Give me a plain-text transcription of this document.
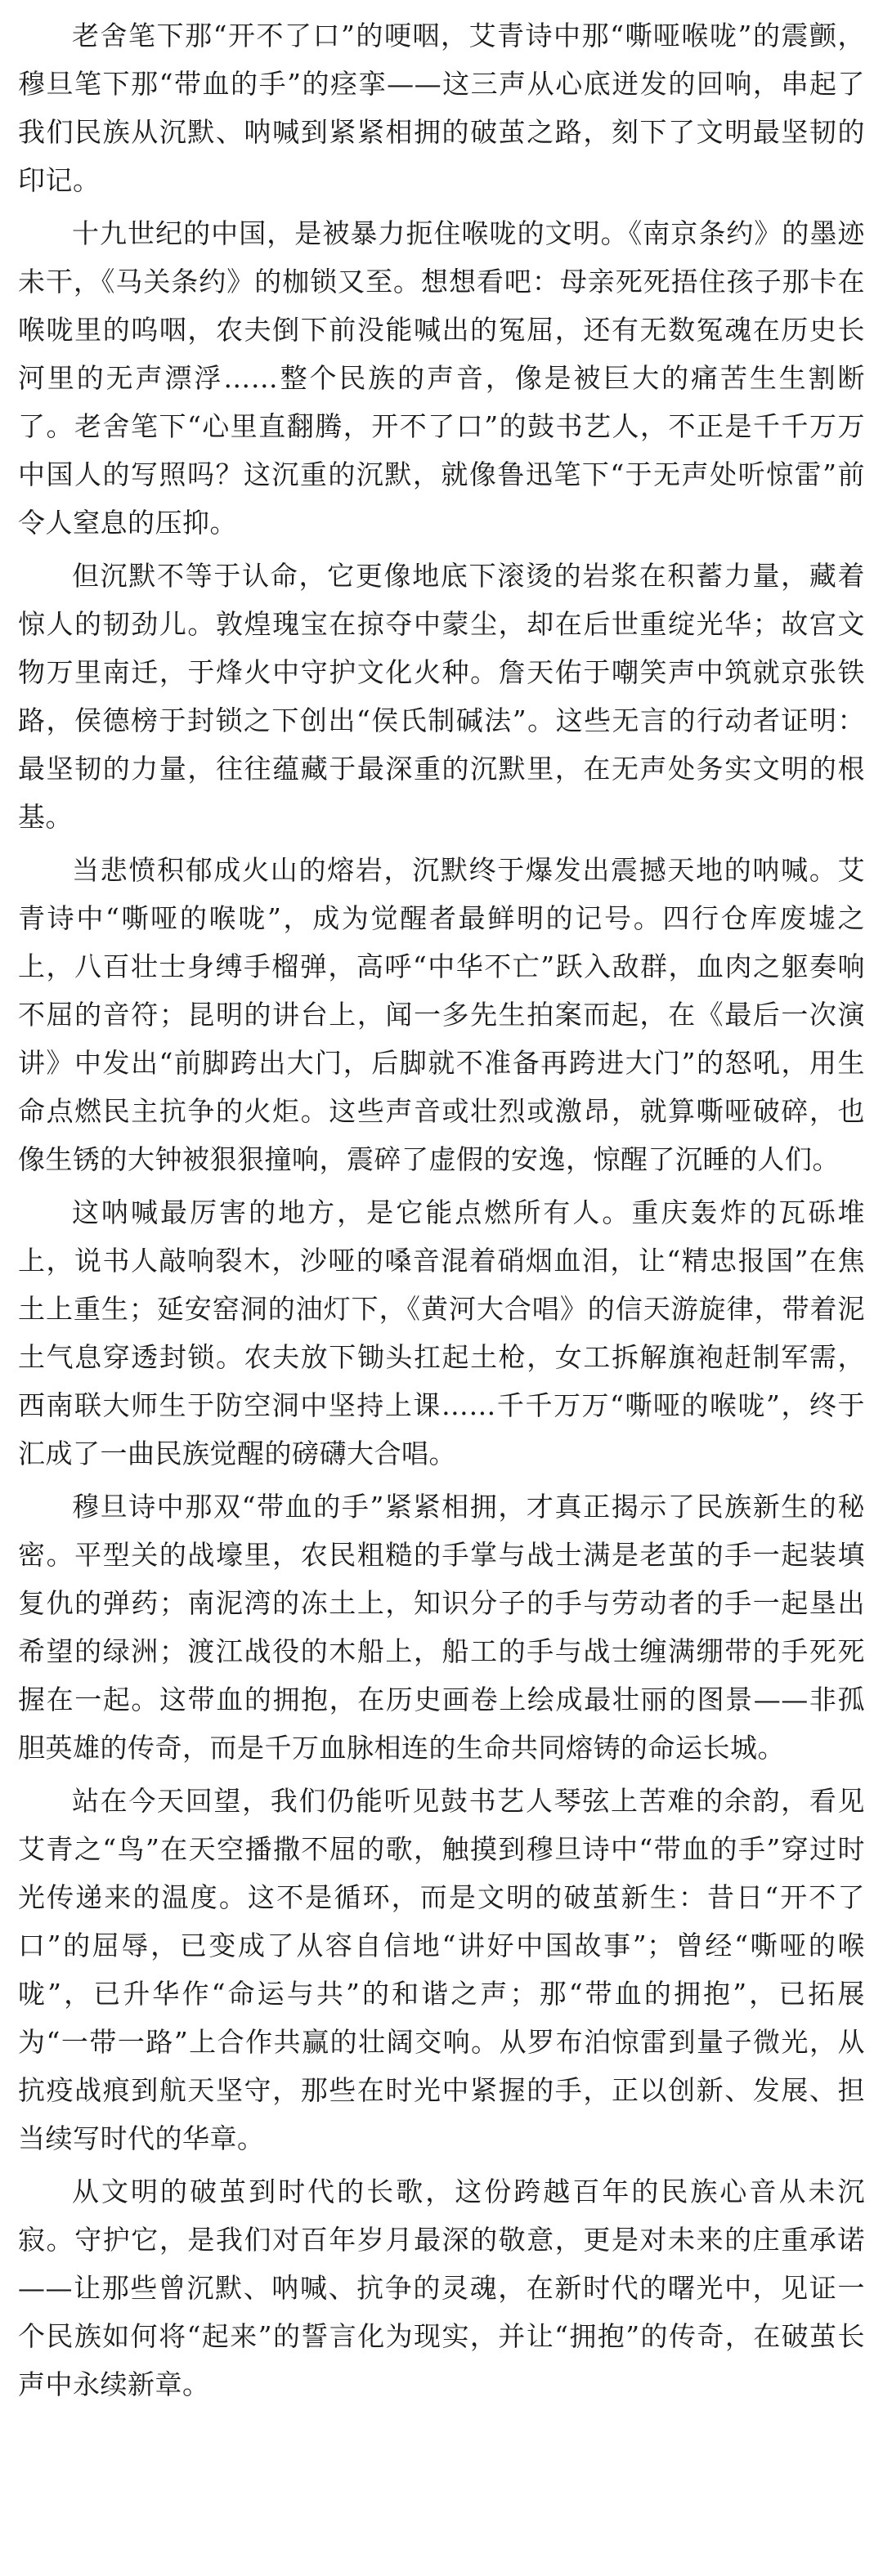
老舍笔下那“开不了口”的哽咽，艾青诗中那“嘶哑喉咙”的震颤，穆旦笔下那“带血的手”的痉挛——这三声从心底迸发的回响，串起了我们民族从沉默、呐喊到紧紧相拥的破茧之路，刻下了文明最坚韧的印记。

十九世纪的中国，是被暴力扼住喉咙的文明。《南京条约》的墨迹未干，《马关条约》的枷锁又至。想想看吧：母亲死死捂住孩子那卡在喉咙里的呜咽，农夫倒下前没能喊出的冤屈，还有无数冤魂在历史长河里的无声漂浮……整个民族的声音，像是被巨大的痛苦生生割断了。老舍笔下“心里直翻腾，开不了口”的鼓书艺人，不正是千千万万中国人的写照吗？这沉重的沉默，就像鲁迅笔下“于无声处听惊雷”前令人窒息的压抑。

但沉默不等于认命，它更像地底下滚烫的岩浆在积蓄力量，藏着惊人的韧劲儿。敦煌瑰宝在掠夺中蒙尘，却在后世重绽光华；故宫文物万里南迁，于烽火中守护文化火种。詹天佑于嘲笑声中筑就京张铁路，侯德榜于封锁之下创出“侯氏制碱法”。这些无言的行动者证明：最坚韧的力量，往往蕴藏于最深重的沉默里，在无声处务实文明的根基。

当悲愤积郁成火山的熔岩，沉默终于爆发出震撼天地的呐喊。艾青诗中“嘶哑的喉咙”，成为觉醒者最鲜明的记号。四行仓库废墟之上，八百壮士身缚手榴弹，高呼“中华不亡”跃入敌群，血肉之躯奏响不屈的音符；昆明的讲台上，闻一多先生拍案而起，在《最后一次演讲》中发出“前脚跨出大门，后脚就不准备再跨进大门”的怒吼，用生命点燃民主抗争的火炬。这些声音或壮烈或激昂，就算嘶哑破碎，也像生锈的大钟被狠狠撞响，震碎了虚假的安逸，惊醒了沉睡的人们。

这呐喊最厉害的地方，是它能点燃所有人。重庆轰炸的瓦砾堆上，说书人敲响裂木，沙哑的嗓音混着硝烟血泪，让“精忠报国”在焦土上重生；延安窑洞的油灯下，《黄河大合唱》的信天游旋律，带着泥土气息穿透封锁。农夫放下锄头扛起土枪，女工拆解旗袍赶制军需，西南联大师生于防空洞中坚持上课……千千万万“嘶哑的喉咙”，终于汇成了一曲民族觉醒的磅礴大合唱。

穆旦诗中那双“带血的手”紧紧相拥，才真正揭示了民族新生的秘密。平型关的战壕里，农民粗糙的手掌与战士满是老茧的手一起装填复仇的弹药；南泥湾的冻土上，知识分子的手与劳动者的手一起垦出希望的绿洲；渡江战役的木船上，船工的手与战士缠满绷带的手死死握在一起。这带血的拥抱，在历史画卷上绘成最壮丽的图景——非孤胆英雄的传奇，而是千万血脉相连的生命共同熔铸的命运长城。

站在今天回望，我们仍能听见鼓书艺人琴弦上苦难的余韵，看见艾青之“鸟”在天空播撒不屈的歌，触摸到穆旦诗中“带血的手”穿过时光传递来的温度。这不是循环，而是文明的破茧新生：昔日“开不了口”的屈辱，已变成了从容自信地“讲好中国故事”；曾经“嘶哑的喉咙”，已升华作“命运与共”的和谐之声；那“带血的拥抱”，已拓展为“一带一路”上合作共赢的壮阔交响。从罗布泊惊雷到量子微光，从抗疫战痕到航天坚守，那些在时光中紧握的手，正以创新、发展、担当续写时代的华章。

从文明的破茧到时代的长歌，这份跨越百年的民族心音从未沉寂。守护它，是我们对百年岁月最深的敬意，更是对未来的庄重承诺——让那些曾沉默、呐喊、抗争的灵魂，在新时代的曙光中，见证一个民族如何将“起来”的誓言化为现实，并让“拥抱”的传奇，在破茧长声中永续新章。
